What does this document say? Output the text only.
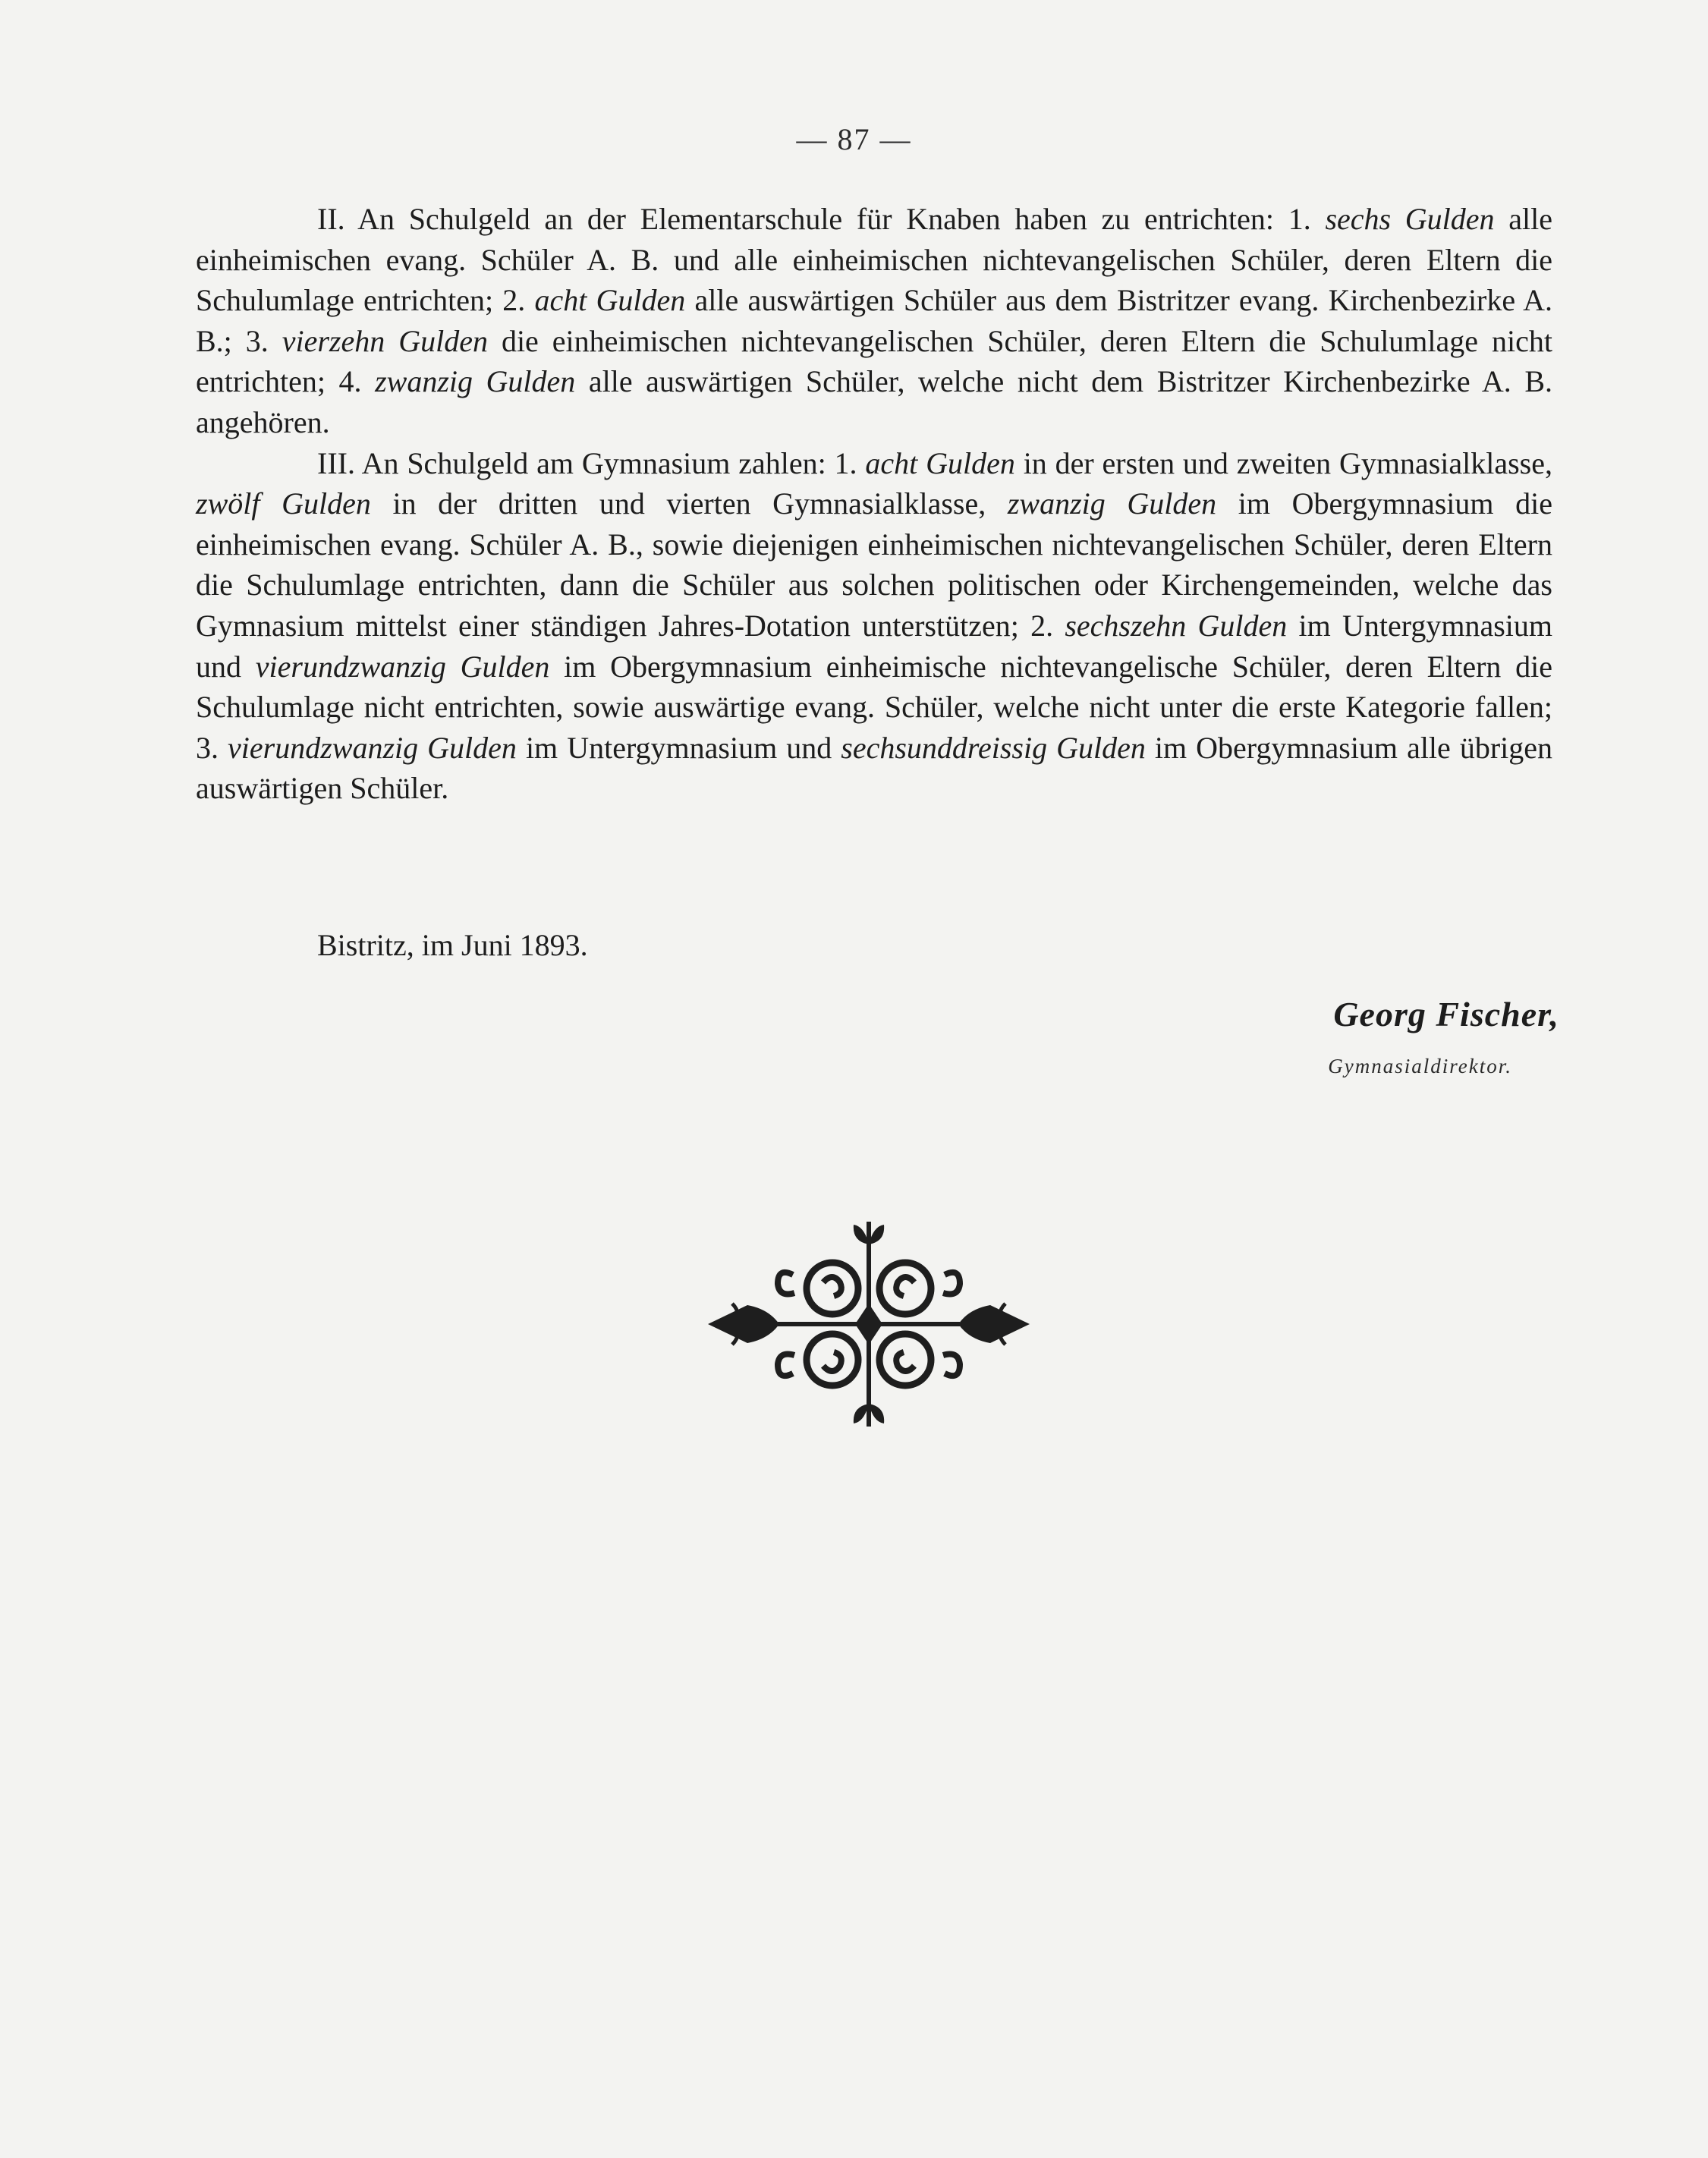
— 87 —

II. An Schulgeld an der Elementarschule für Knaben haben zu entrichten: 1. sechs Gulden alle einheimischen evang. Schüler A. B. und alle einheimischen nichtevangelischen Schüler, deren Eltern die Schulumlage entrichten; 2. acht Gulden alle auswärtigen Schüler aus dem Bistritzer evang. Kirchenbezirke A. B.; 3. vierzehn Gulden die einheimischen nichtevangelischen Schüler, deren Eltern die Schulumlage nicht entrichten; 4. zwanzig Gulden alle auswärtigen Schüler, welche nicht dem Bistritzer Kirchenbezirke A. B. angehören.

III. An Schulgeld am Gymnasium zahlen: 1. acht Gulden in der ersten und zweiten Gymnasialklasse, zwölf Gulden in der dritten und vierten Gymnasialklasse, zwanzig Gulden im Obergymnasium die einheimischen evang. Schüler A. B., sowie diejenigen einheimischen nichtevangelischen Schüler, deren Eltern die Schulumlage entrichten, dann die Schüler aus solchen politischen oder Kirchengemeinden, welche das Gymnasium mittelst einer ständigen Jahres-Dotation unterstützen; 2. sechszehn Gulden im Untergymnasium und vierundzwanzig Gulden im Obergymnasium einheimische nichtevangelische Schüler, deren Eltern die Schulumlage nicht entrichten, sowie auswärtige evang. Schüler, welche nicht unter die erste Kategorie fallen; 3. vierundzwanzig Gulden im Untergymnasium und sechsunddreissig Gulden im Obergymnasium alle übrigen auswärtigen Schüler.

Bistritz, im Juni 1893.
Georg Fischer,
Gymnasialdirektor.
